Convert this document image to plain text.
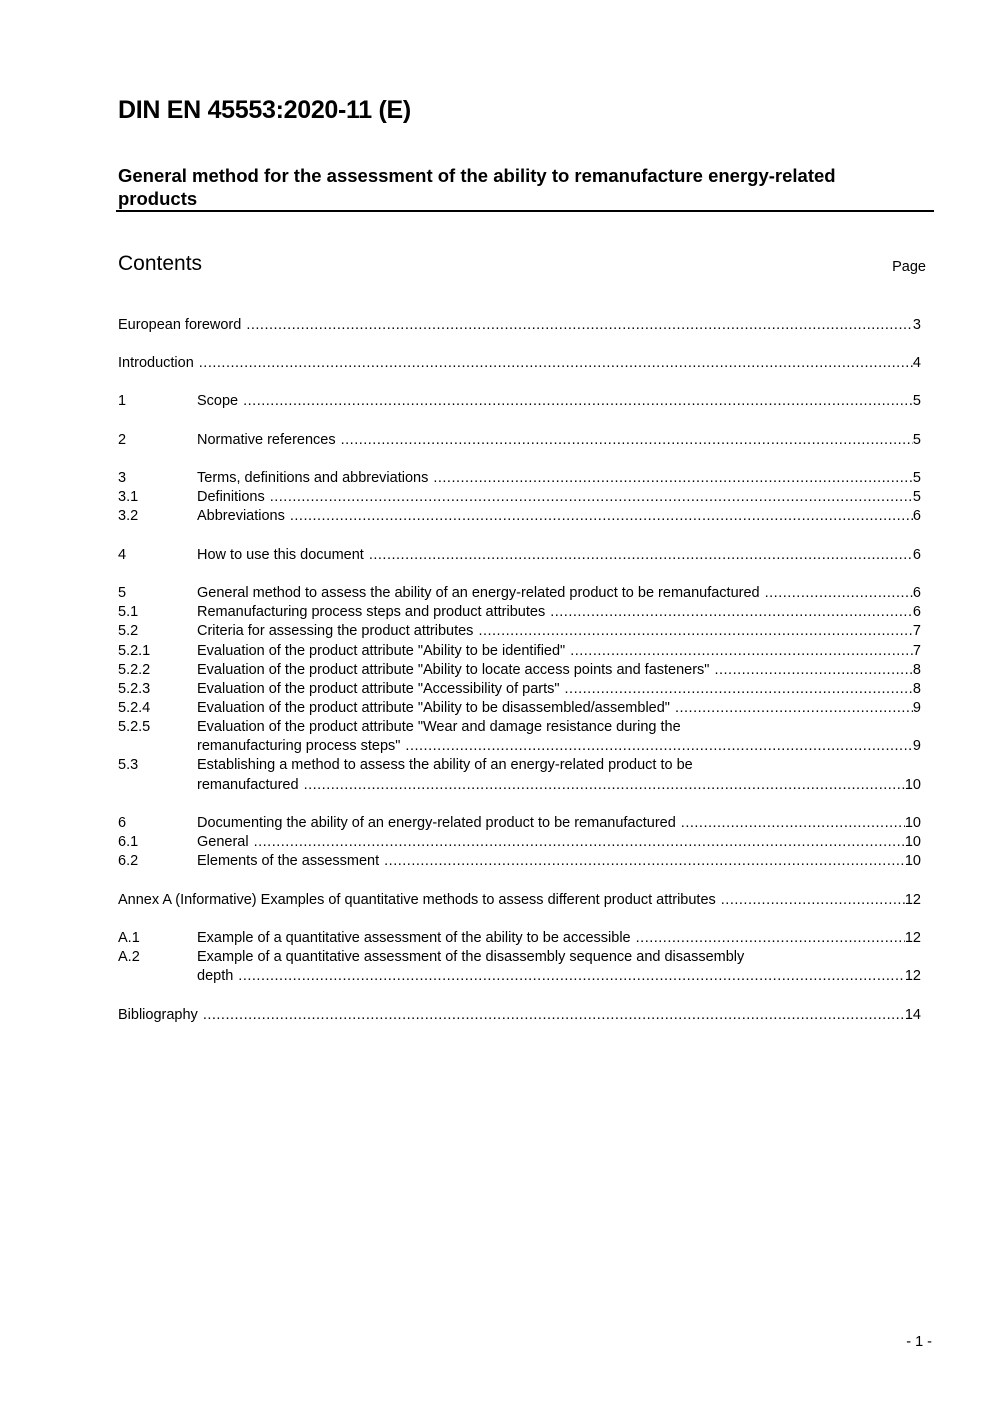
DIN EN 45553:2020-11 (E)

General method for the assessment of the ability to remanufacture energy-related

products

Contents	Page
European foreword .....	3
Introduction .....	4
1	Scope .....	5
2	Normative references .....	5
3	Terms, definitions and abbreviations .....	5
3.1	Definitions .....	5
3.2	Abbreviations .....	6
4	How to use this document .....	6
5	General method to assess the ability of an energy-related product to be remanufactured .....	6
5.1	Remanufacturing process steps and product attributes .....	6
5.2	Criteria for assessing the product attributes .....	7
5.2.1	Evaluation of the product attribute "Ability to be identified" .....	7
5.2.2	Evaluation of the product attribute "Ability to locate access points and fasteners" .....	8
5.2.3	Evaluation of the product attribute "Accessibility of parts" .....	8
5.2.4	Evaluation of the product attribute "Ability to be disassembled/assembled" .....	9
5.2.5	Evaluation of the product attribute "Wear and damage resistance during the
remanufacturing process steps" .....	9
5.3	Establishing a method to assess the ability of an energy-related product to be
remanufactured .....	10
6	Documenting the ability of an energy-related product to be remanufactured .....	10
6.1	General .....	10
6.2	Elements of the assessment .....	10
Annex A (Informative) Examples of quantitative methods to assess different product attributes .....	12
A.1	Example of a quantitative assessment of the ability to be accessible .....	12
A.2	Example of a quantitative assessment of the disassembly sequence and disassembly
depth .....	12
Bibliography .....	14
- 1 -
